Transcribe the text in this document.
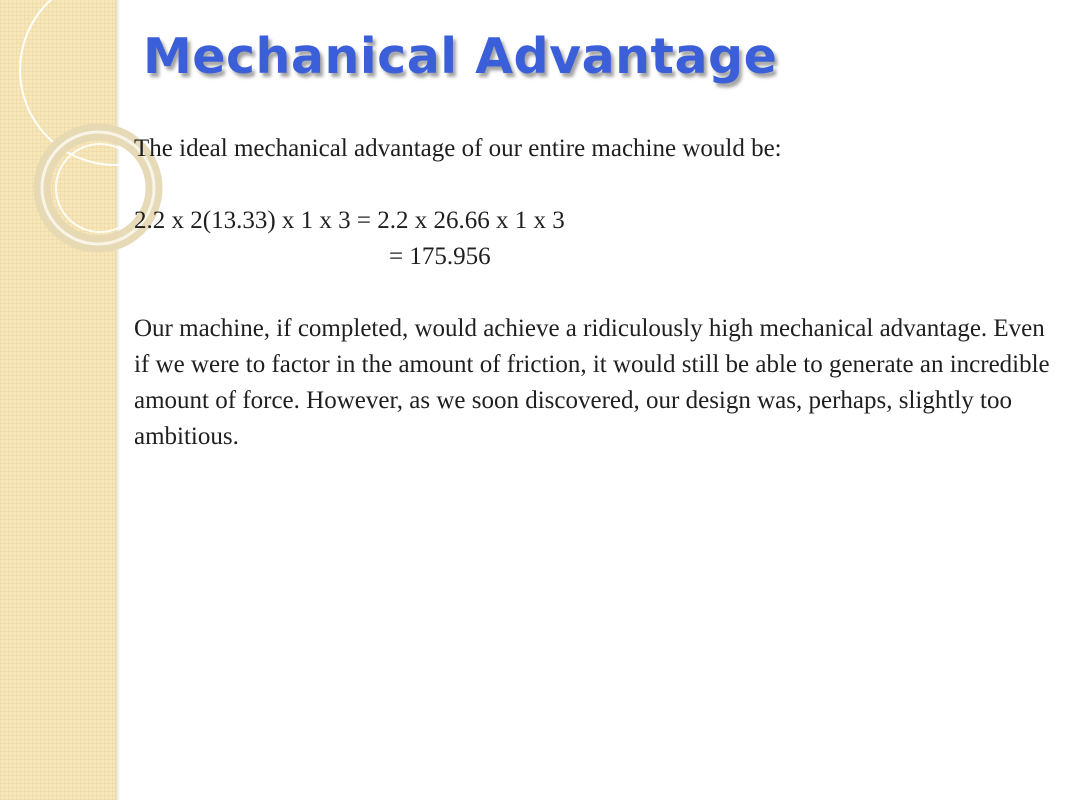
Mechanical Advantage
The ideal mechanical advantage of our entire machine would be:
2.2 x 2(13.33) x 1 x 3 = 2.2 x 26.66 x 1 x 3
= 175.956
Our machine, if completed, would achieve a ridiculously high mechanical advantage. Even if we were to factor in the amount of friction, it would still be able to generate an incredible amount of force. However, as we soon discovered, our design was, perhaps, slightly too ambitious.
